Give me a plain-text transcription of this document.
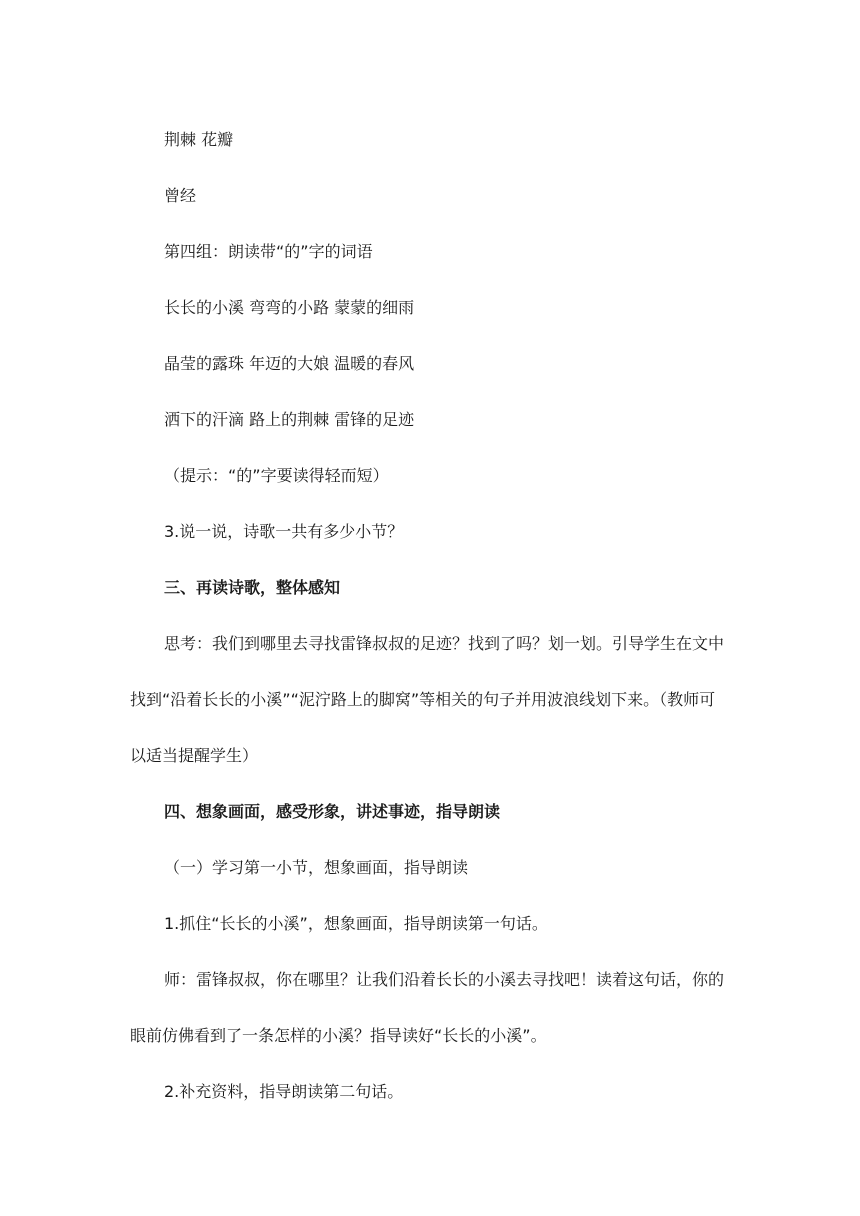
荆棘 花瓣

曾经

第四组：朗读带“的”字的词语

长长的小溪 弯弯的小路 蒙蒙的细雨

晶莹的露珠 年迈的大娘 温暖的春风

洒下的汗滴 路上的荆棘 雷锋的足迹

（提示：“的”字要读得轻而短）

3.说一说，诗歌一共有多少小节？

三、再读诗歌，整体感知

思考：我们到哪里去寻找雷锋叔叔的足迹？找到了吗？划一划。引导学生在文中找到“沿着长长的小溪”“泥泞路上的脚窝”等相关的句子并用波浪线划下来。（教师可以适当提醒学生）

四、想象画面，感受形象，讲述事迹，指导朗读

（一）学习第一小节，想象画面，指导朗读

1.抓住“长长的小溪”，想象画面，指导朗读第一句话。

师：雷锋叔叔，你在哪里？让我们沿着长长的小溪去寻找吧！读着这句话，你的眼前仿佛看到了一条怎样的小溪？指导读好“长长的小溪”。

2.补充资料，指导朗读第二句话。
